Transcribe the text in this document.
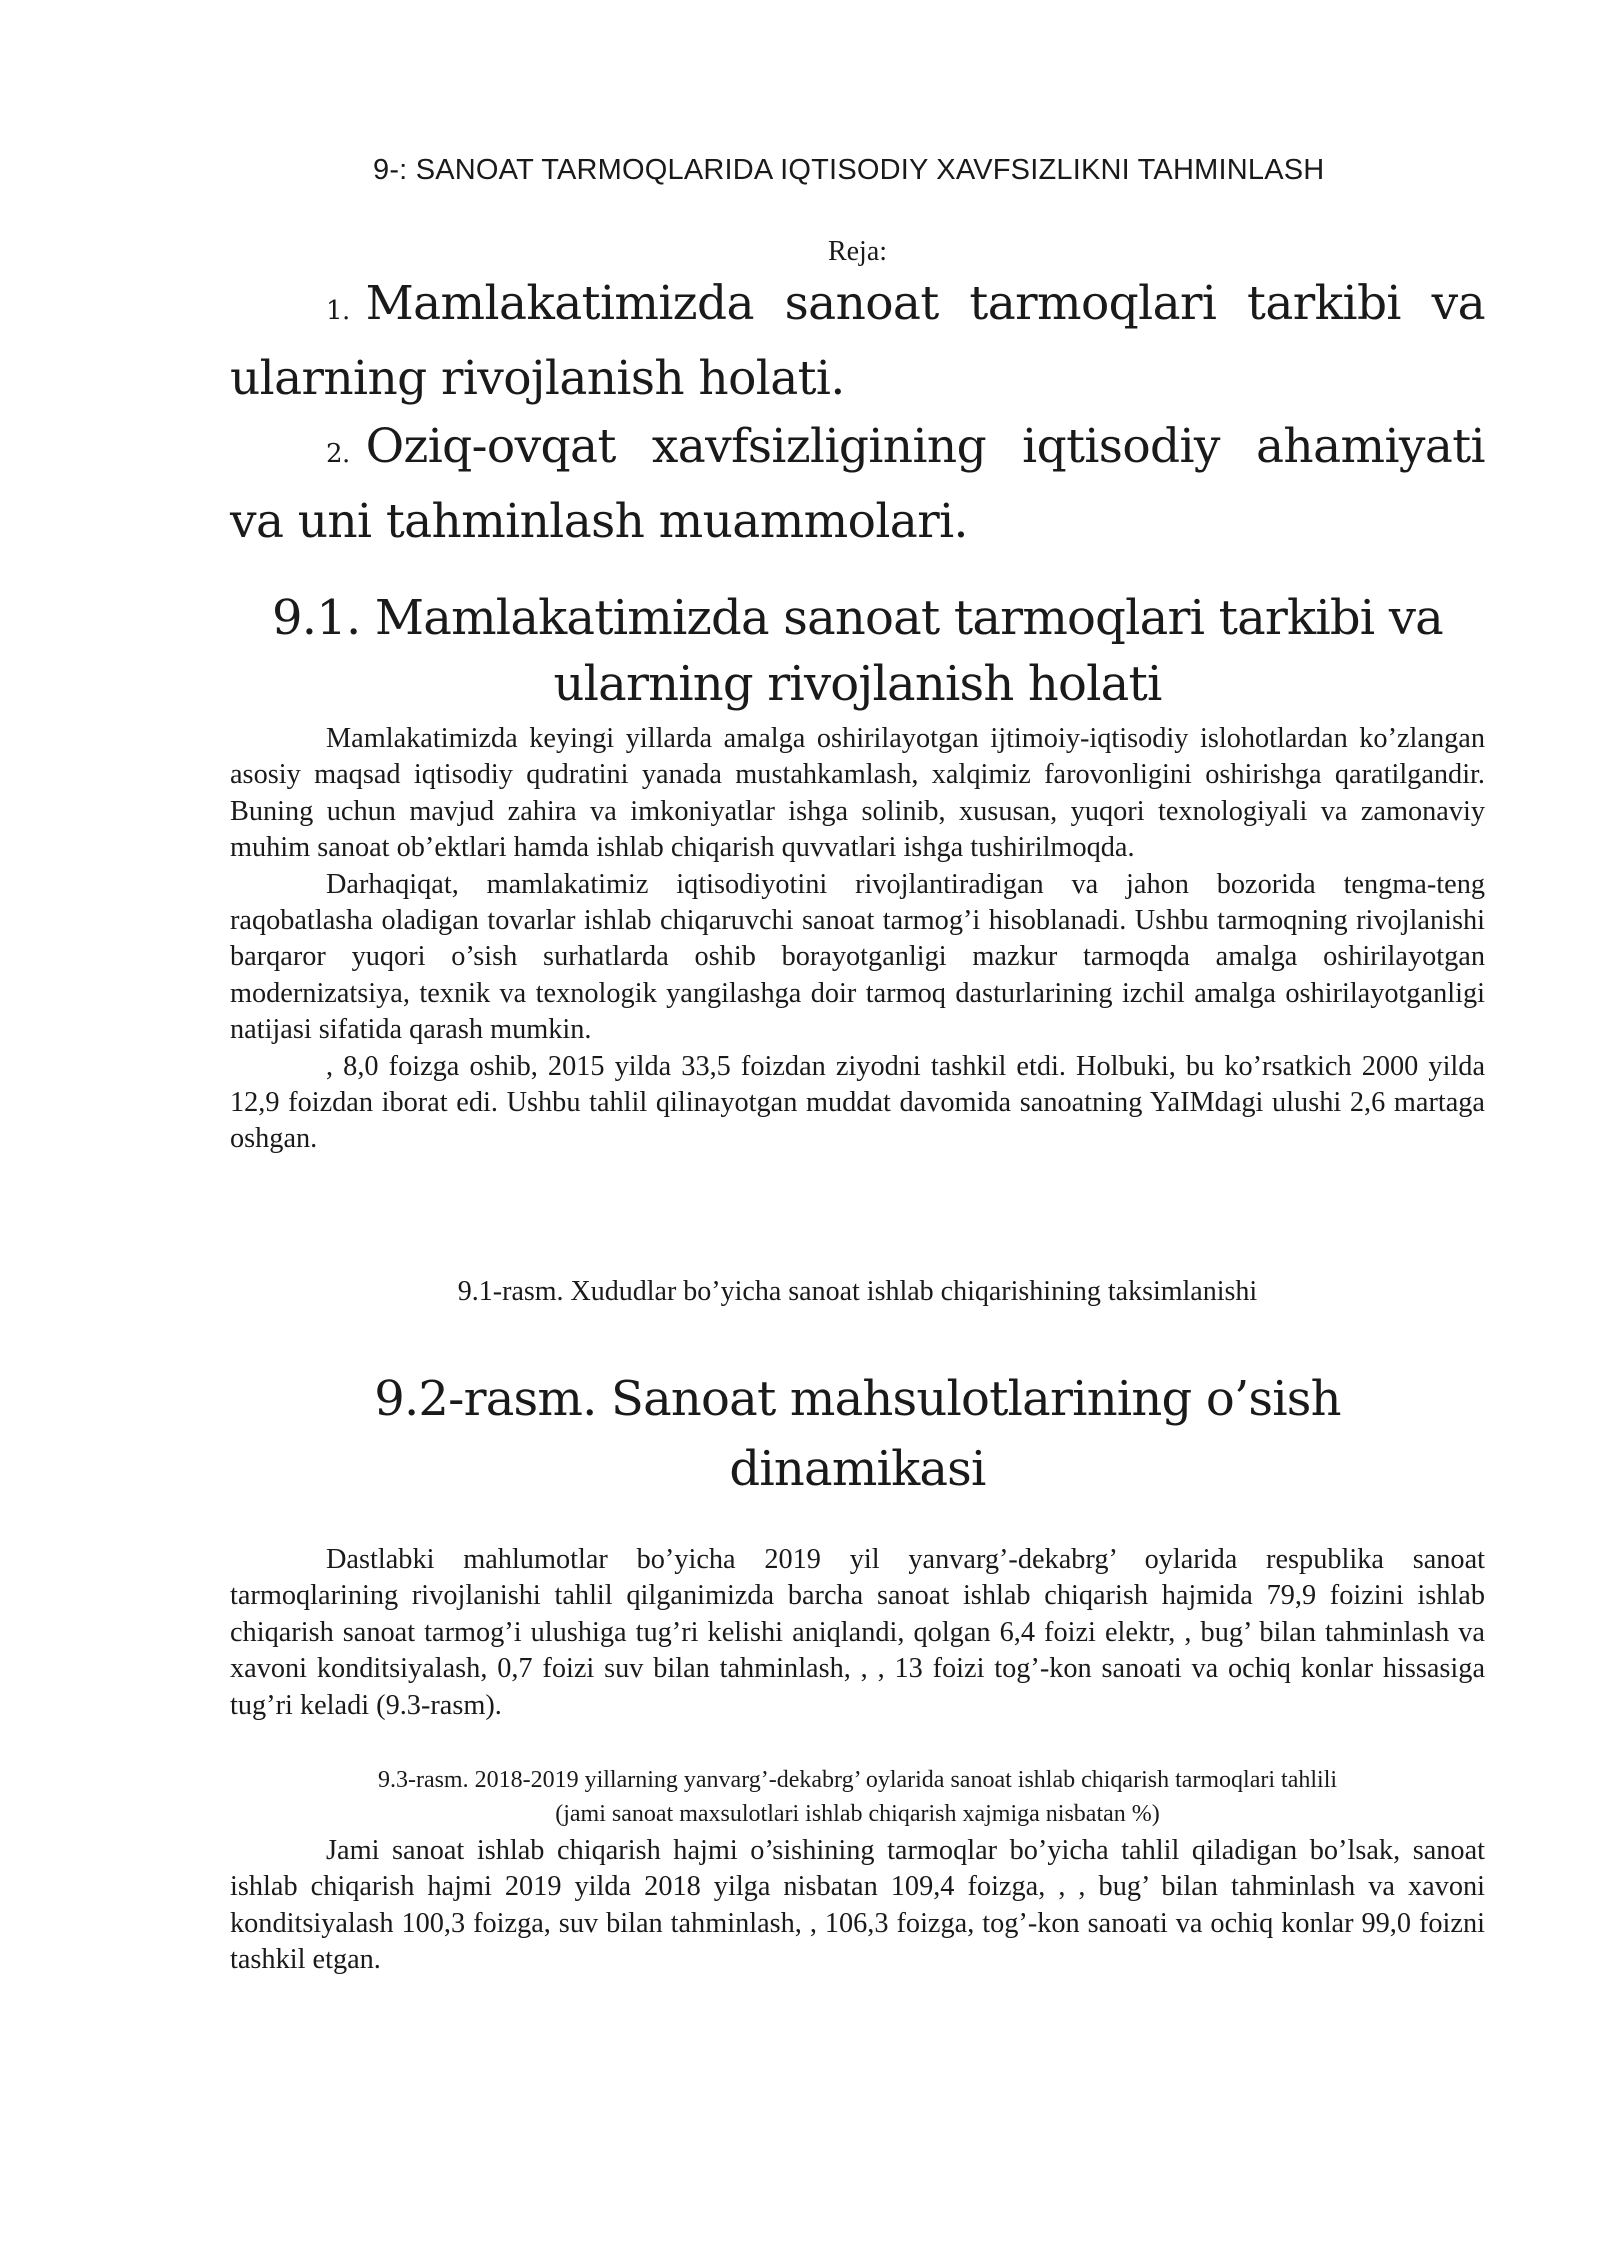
9-: SANOAT TARMOQLARIDA IQTISODIY XAVFSIZLIKNI TAHMINLASH
Reja:

1. Mamlakatimizda sanoat tarmoqlari tarkibi va ularning rivojlanish holati.

2. Oziq-ovqat xavfsizligining iqtisodiy ahamiyati va uni tahminlash muammolari.

9.1. Mamlakatimizda sanoat tarmoqlari tarkibi va
ularning rivojlanish holati

Mamlakatimizda keyingi yillarda amalga oshirilayotgan ijtimoiy-iqtisodiy islohotlardan ko’zlangan asosiy maqsad iqtisodiy qudratini yanada mustahkamlash, xalqimiz farovonligini oshirishga qaratilgandir. Buning uchun mavjud zahira va imkoniyatlar ishga solinib, xususan, yuqori texnologiyali va zamonaviy muhim sanoat ob’ektlari hamda ishlab chiqarish quvvatlari ishga tushirilmoqda.

Darhaqiqat, mamlakatimiz iqtisodiyotini rivojlantiradigan va jahon bozorida tengma-teng raqobatlasha oladigan tovarlar ishlab chiqaruvchi sanoat tarmog’i hisoblanadi. Ushbu tarmoqning rivojlanishi barqaror yuqori o’sish surhatlarda oshib borayotganligi mazkur tarmoqda amalga oshirilayotgan modernizatsiya, texnik va texnologik yangilashga doir tarmoq dasturlarining izchil amalga oshirilayotganligi natijasi sifatida qarash mumkin.

, 8,0 foizga oshib, 2015 yilda 33,5 foizdan ziyodni tashkil etdi. Holbuki, bu ko’rsatkich 2000 yilda 12,9 foizdan iborat edi. Ushbu tahlil qilinayotgan muddat davomida sanoatning YaIMdagi ulushi 2,6 martaga oshgan.

9.1-rasm. Xududlar bo’yicha sanoat ishlab chiqarishining taksimlanishi
9.2-rasm. Sanoat mahsulotlarining o’sish
dinamikasi

Dastlabki mahlumotlar bo’yicha 2019 yil yanvarg’-dekabrg’ oylarida respublika sanoat tarmoqlarining rivojlanishi tahlil qilganimizda barcha sanoat ishlab chiqarish hajmida 79,9 foizini ishlab chiqarish sanoat tarmog’i ulushiga tug’ri kelishi aniqlandi, qolgan 6,4 foizi elektr, , bug’ bilan tahminlash va xavoni konditsiyalash, 0,7 foizi suv bilan tahminlash, , , 13 foizi tog’-kon sanoati va ochiq konlar hissasiga tug’ri keladi (9.3-rasm).

9.3-rasm. 2018-2019 yillarning yanvarg’-dekabrg’ oylarida sanoat ishlab chiqarish tarmoqlari tahlili
(jami sanoat maxsulotlari ishlab chiqarish xajmiga nisbatan %)

Jami sanoat ishlab chiqarish hajmi o’sishining tarmoqlar bo’yicha tahlil qiladigan bo’lsak, sanoat ishlab chiqarish hajmi 2019 yilda 2018 yilga nisbatan 109,4 foizga, , , bug’ bilan tahminlash va xavoni konditsiyalash 100,3 foizga, suv bilan tahminlash, , 106,3 foizga, tog’-kon sanoati va ochiq konlar 99,0 foizni tashkil etgan.
